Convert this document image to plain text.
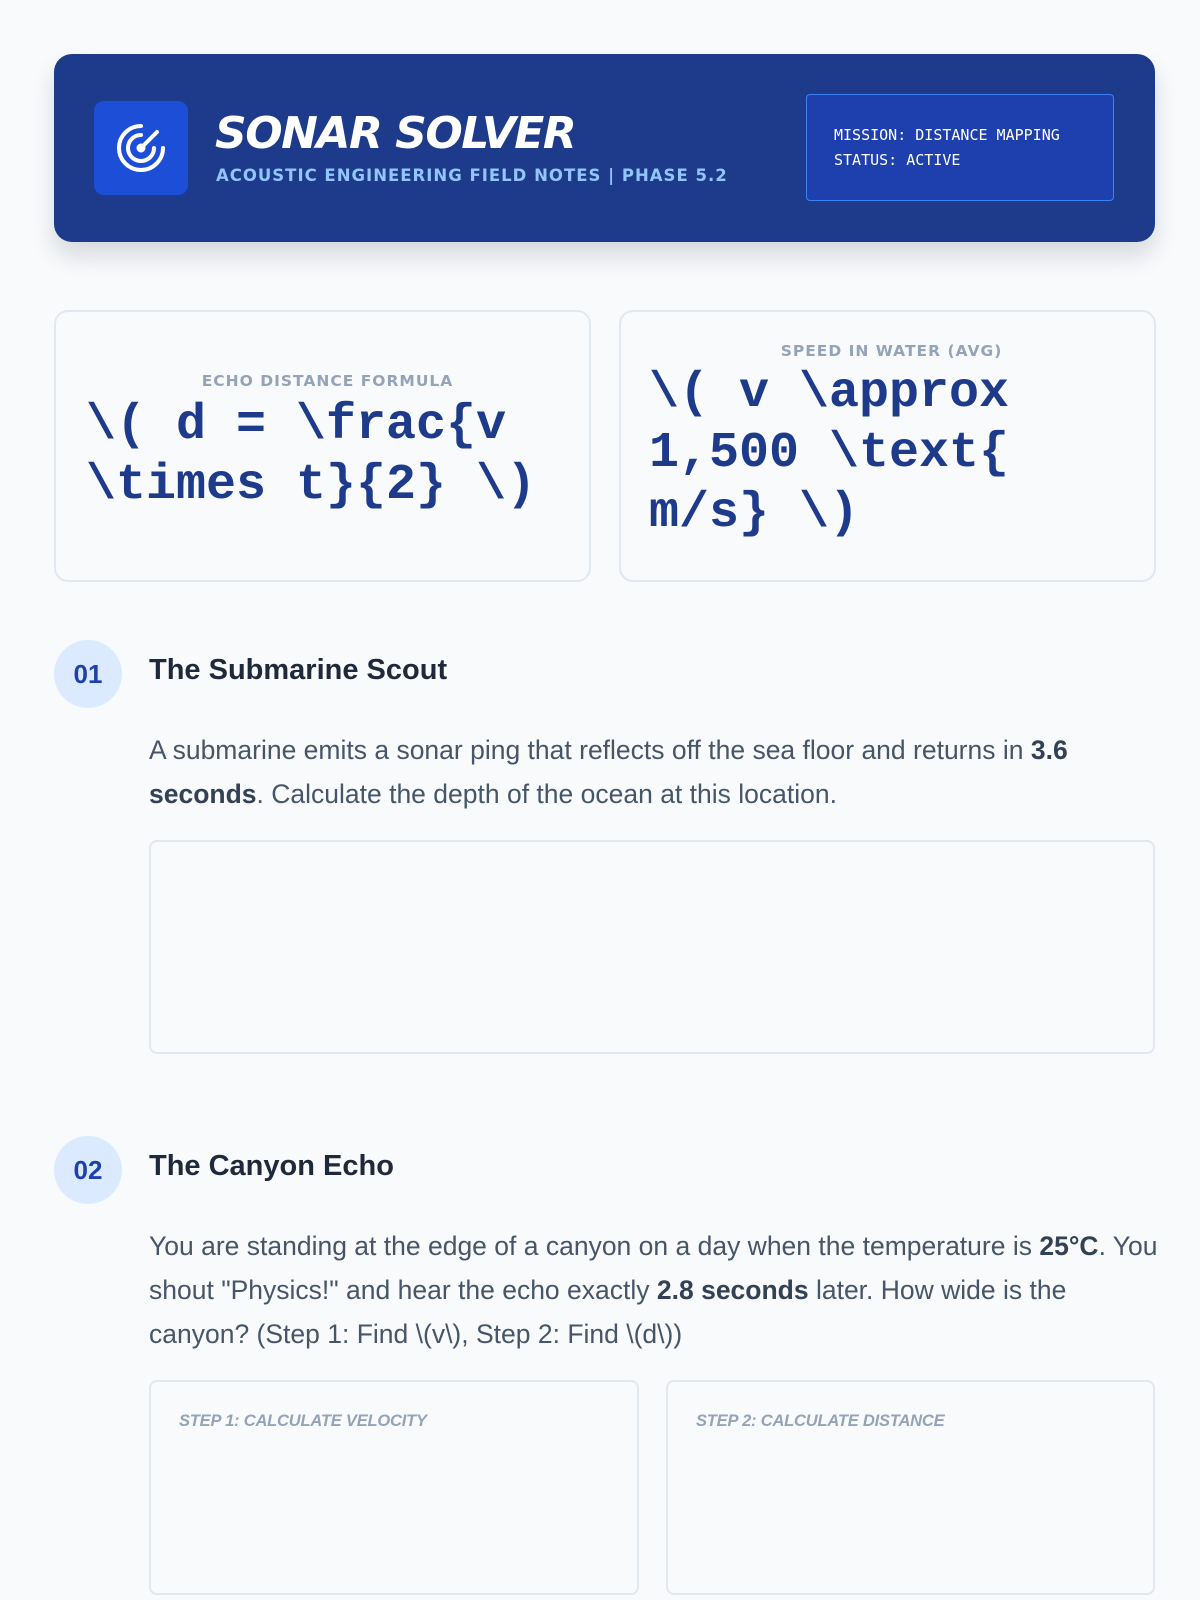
SONAR SOLVER
ACOUSTIC ENGINEERING FIELD NOTES | PHASE 5.2
MISSION: DISTANCE MAPPING
STATUS: ACTIVE
ECHO DISTANCE FORMULA
\( d = \frac{v \times t}{2} \)
SPEED IN WATER (AVG)
\( v \approx 1,500 \text{ m/s} \)
01	The Submarine Scout
A submarine emits a sonar ping that reflects off the sea floor and returns in 3.6 seconds. Calculate the depth of the ocean at this location.
02	The Canyon Echo
You are standing at the edge of a canyon on a day when the temperature is 25°C. You shout "Physics!" and hear the echo exactly 2.8 seconds later. How wide is the canyon? (Step 1: Find \(v\), Step 2: Find \(d\))
STEP 1: CALCULATE VELOCITY	STEP 2: CALCULATE DISTANCE
